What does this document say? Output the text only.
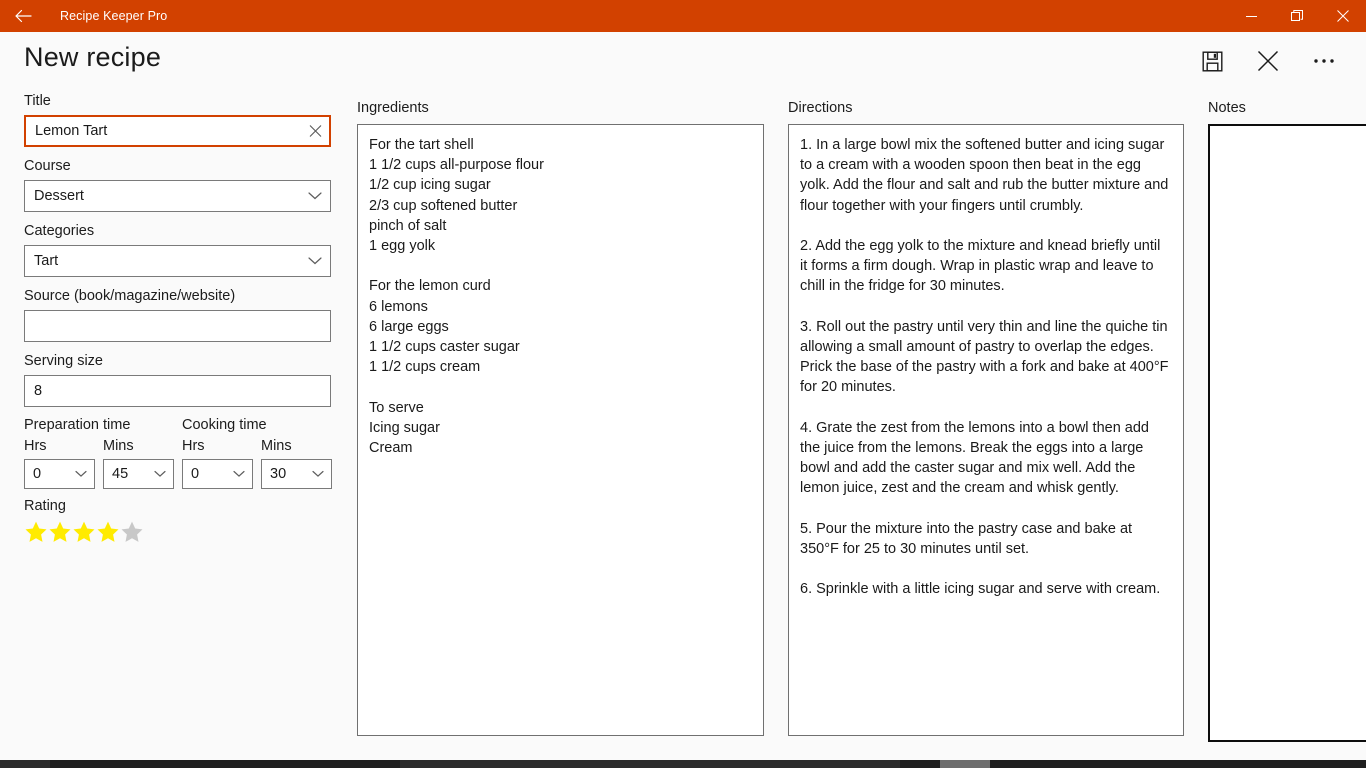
Recipe Keeper Pro
New recipe
Title
Lemon Tart
Course
Dessert
Categories
Tart
Source (book/magazine/website)
Serving size
8
Preparation time
Hrs
0
Mins
45
Cooking time
Hrs
0
Mins
30
Rating
Ingredients
For the tart shell 1 1/2 cups all-purpose flour 1/2 cup icing sugar 2/3 cup softened butter pinch of salt 1 egg yolk For the lemon curd 6 lemons 6 large eggs 1 1/2 cups caster sugar 1 1/2 cups cream To serve Icing sugar Cream	Directions
1. In a large bowl mix the softened butter and icing sugar to a cream with a wooden spoon then beat in the egg yolk. Add the flour and salt and rub the butter mixture and flour together with your fingers until crumbly. 2. Add the egg yolk to the mixture and knead briefly until it forms a firm dough. Wrap in plastic wrap and leave to chill in the fridge for 30 minutes. 3. Roll out the pastry until very thin and line the quiche tin allowing a small amount of pastry to overlap the edges. Prick the base of the pastry with a fork and bake at 400°F for 20 minutes. 4. Grate the zest from the lemons into a bowl then add the juice from the lemons. Break the eggs into a large bowl and add the caster sugar and mix well. Add the lemon juice, zest and the cream and whisk gently. 5. Pour the mixture into the pastry case and bake at 350°F for 25 to 30 minutes until set. 6. Sprinkle with a little icing sugar and serve with cream.	Notes
